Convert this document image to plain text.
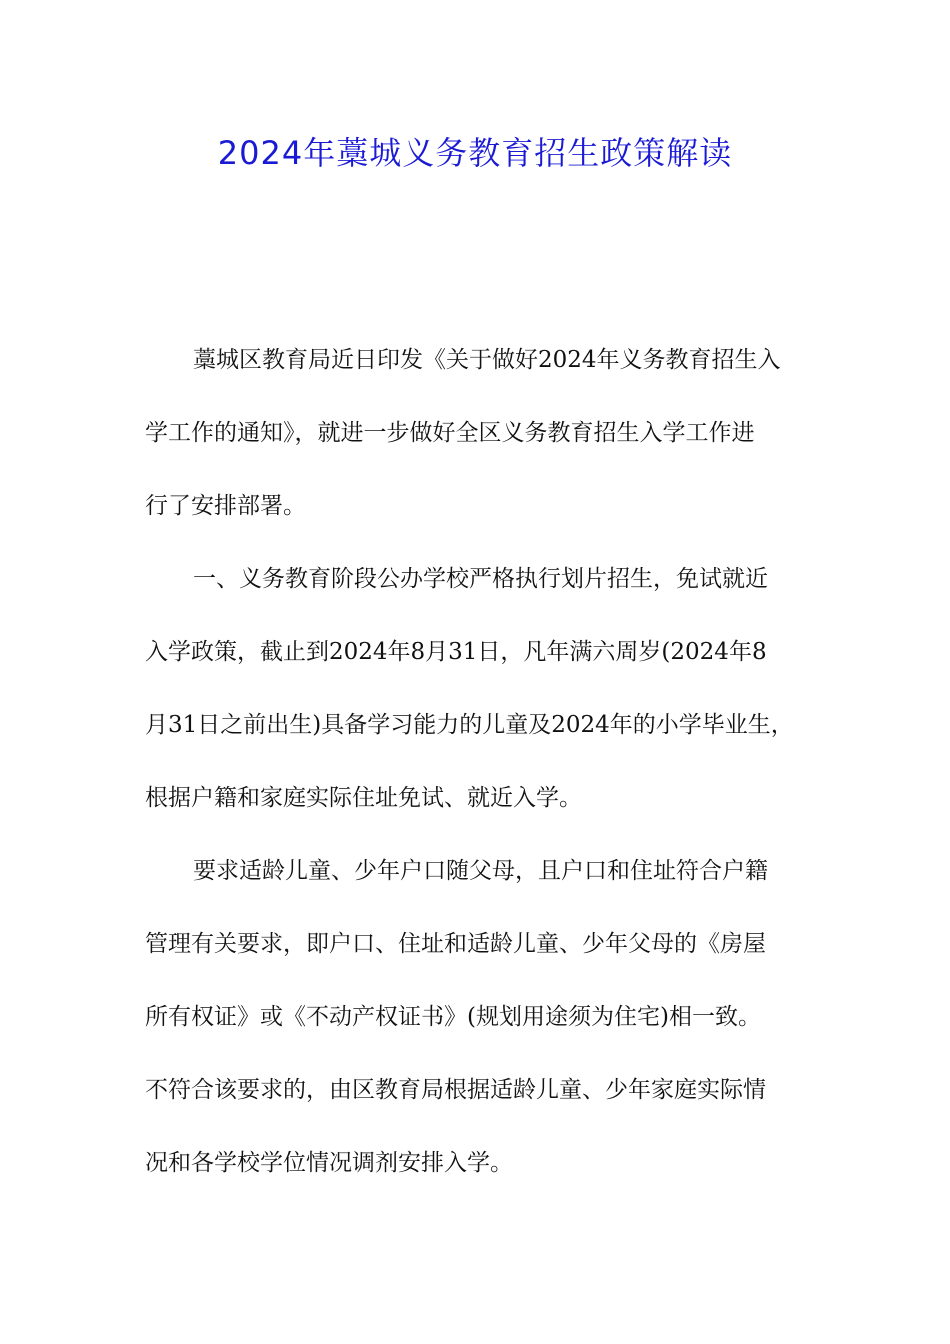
2024年藁城义务教育招生政策解读
藁城区教育局近日印发《关于做好2024年义务教育招生入
学工作的通知》，就进一步做好全区义务教育招生入学工作进
行了安排部署。
一、义务教育阶段公办学校严格执行划片招生，免试就近
入学政策，截止到2024年8月31日，凡年满六周岁(2024年8
月31日之前出生)具备学习能力的儿童及2024年的小学毕业生，
根据户籍和家庭实际住址免试、就近入学。
要求适龄儿童、少年户口随父母，且户口和住址符合户籍
管理有关要求，即户口、住址和适龄儿童、少年父母的《房屋
所有权证》或《不动产权证书》(规划用途须为住宅)相一致。
不符合该要求的，由区教育局根据适龄儿童、少年家庭实际情
况和各学校学位情况调剂安排入学。
